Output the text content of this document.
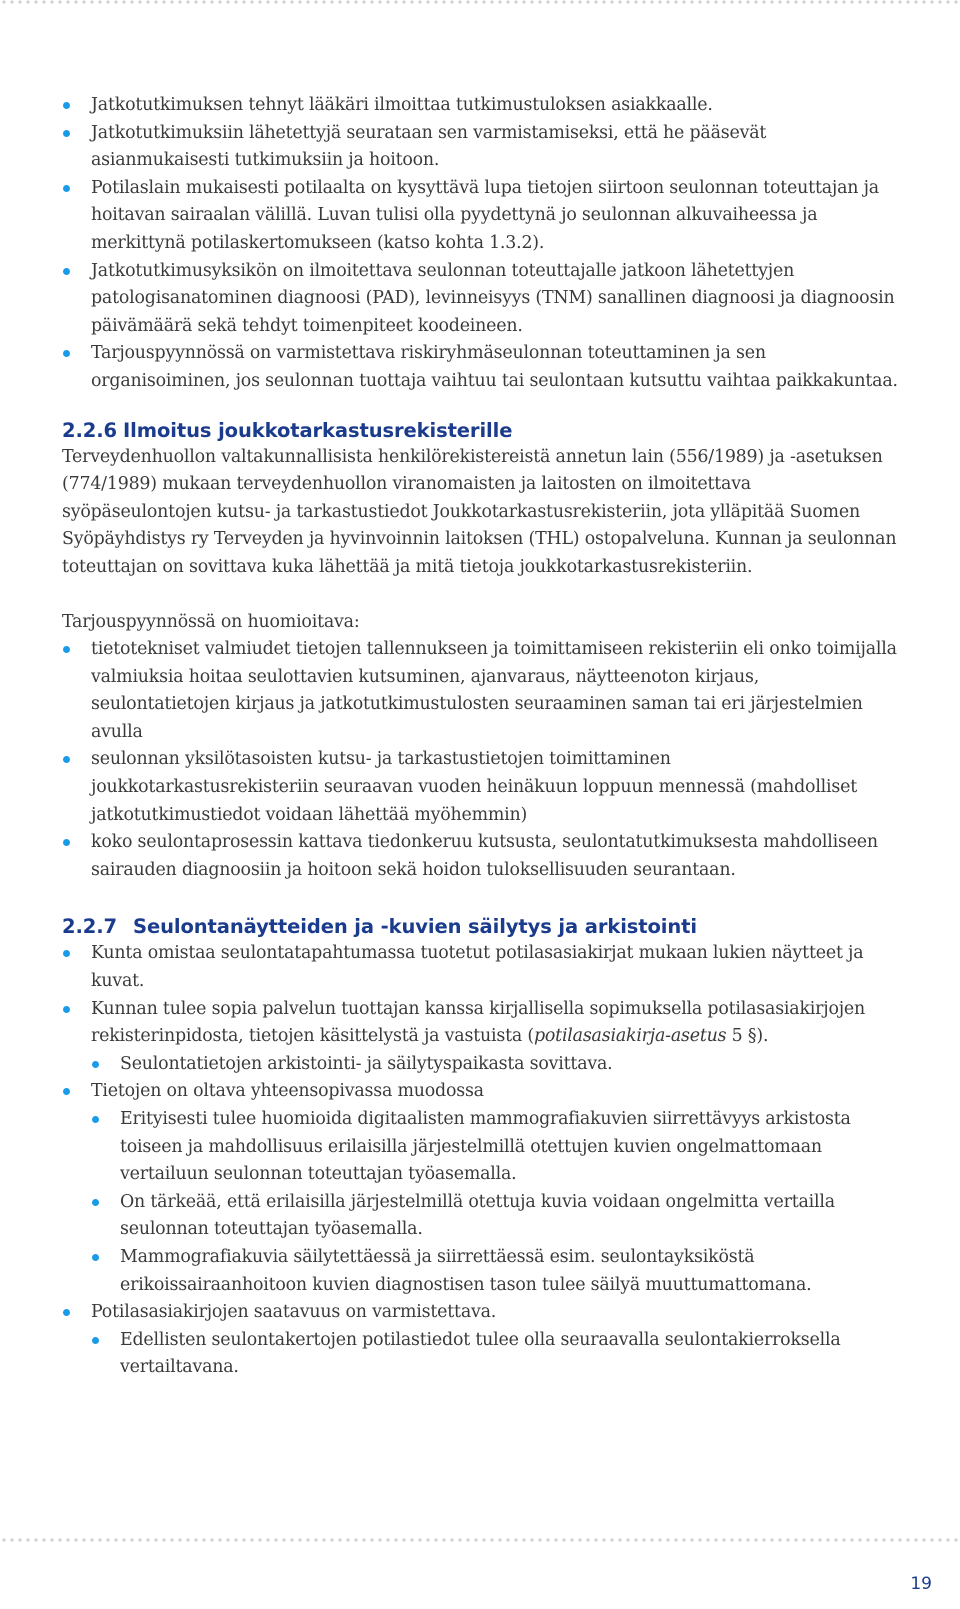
Jatkotutkimuksen tehnyt lääkäri ilmoittaa tutkimustuloksen asiakkaalle.
Jatkotutkimuksiin lähetettyjä seurataan sen varmistamiseksi, että he pääsevät asianmukaisesti tutkimuksiin ja hoitoon.
Potilaslain mukaisesti potilaalta on kysyttävä lupa tietojen siirtoon seulonnan toteuttajan ja hoitavan sairaalan välillä. Luvan tulisi olla pyydettynä jo seulonnan alkuvaiheessa ja merkittynä potilaskertomukseen (katso kohta 1.3.2).
Jatkotutkimusyksikön on ilmoitettava seulonnan toteuttajalle jatkoon lähetettyjen patologisanatominen diagnoosi (PAD), levinneisyys (TNM) sanallinen diagnoosi ja diagnoosin päivämäärä sekä tehdyt toimenpiteet koodeineen.
Tarjouspyynnössä on varmistettava riskiryhmäseulonnan toteuttaminen ja sen organisoiminen, jos seulonnan tuottaja vaihtuu tai seulontaan kutsuttu vaihtaa paikkakuntaa.
2.2.6 Ilmoitus joukkotarkastusrekisterille

Terveydenhuollon valtakunnallisista henkilörekistereistä annetun lain (556/1989) ja -asetuksen (774/1989) mukaan terveydenhuollon viranomaisten ja laitosten on ilmoitettava syöpäseulontojen kutsu- ja tarkastustiedot Joukkotarkastusrekisteriin, jota ylläpitää Suomen Syöpäyhdistys ry Terveyden ja hyvinvoinnin laitoksen (THL) ostopalveluna. Kunnan ja seulonnan toteuttajan on sovittava kuka lähettää ja mitä tietoja joukkotarkastusrekisteriin.

Tarjouspyynnössä on huomioitava:

tietotekniset valmiudet tietojen tallennukseen ja toimittamiseen rekisteriin eli onko toimijalla valmiuksia hoitaa seulottavien kutsuminen, ajanvaraus, näytteenoton kirjaus, seulontatietojen kirjaus ja jatkotutkimustulosten seuraaminen saman tai eri järjestelmien avulla
seulonnan yksilötasoisten kutsu- ja tarkastustietojen toimittaminen joukkotarkastusrekisteriin seuraavan vuoden heinäkuun loppuun mennessä (mahdolliset jatkotutkimustiedot voidaan lähettää myöhemmin)
koko seulontaprosessin kattava tiedonkeruu kutsusta, seulontatutkimuksesta mahdolliseen sairauden diagnoosiin ja hoitoon sekä hoidon tuloksellisuuden seurantaan.
2.2.7 Seulontanäytteiden ja -kuvien säilytys ja arkistointi
Kunta omistaa seulontatapahtumassa tuotetut potilasasiakirjat mukaan lukien näytteet ja kuvat.
Kunnan tulee sopia palvelun tuottajan kanssa kirjallisella sopimuksella potilasasiakirjojen rekisterinpidosta, tietojen käsittelystä ja vastuista (potilasasiakirja-asetus 5 §).
Seulontatietojen arkistointi- ja säilytyspaikasta sovittava.
Tietojen on oltava yhteensopivassa muodossa
Erityisesti tulee huomioida digitaalisten mammografiakuvien siirrettävyys arkistosta toiseen ja mahdollisuus erilaisilla järjestelmillä otettujen kuvien ongelmattomaan vertailuun seulonnan toteuttajan työasemalla.
On tärkeää, että erilaisilla järjestelmillä otettuja kuvia voidaan ongelmitta vertailla seulonnan toteuttajan työasemalla.
Mammografiakuvia säilytettäessä ja siirrettäessä esim. seulontayksiköstä erikoissairaanhoitoon kuvien diagnostisen tason tulee säilyä muuttumattomana.
Potilasasiakirjojen saatavuus on varmistettava.
Edellisten seulontakertojen potilastiedot tulee olla seuraavalla seulontakierroksella vertailtavana.
19
